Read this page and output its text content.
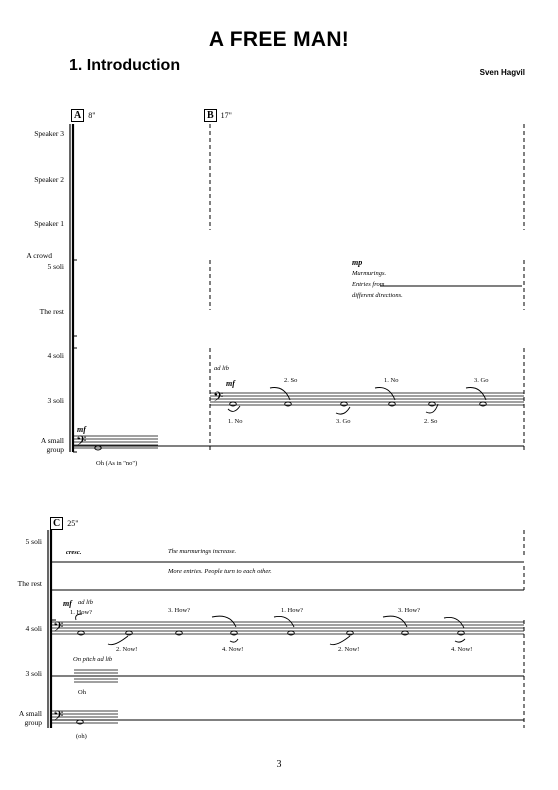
A FREE MAN!
1. Introduction	Sven Hagvil
𝄢
𝄢
𝄢
𝄢
A 8"	B 17"
Speaker 3
Speaker 2
Speaker 1
A crowd
5 soli
The rest
4 soli
3 soli
A small
group
mp
Murmurings.
Entries from
different directions.
ad lib
mf	2. So	1. No	3. Go
1. No	3. Go	2. So
mf
Oh (As in "no")
C 25"
5 soli
The rest
4 soli
3 soli
A small
group
cresc.	The murmurings increase.
More entries. People turn to each other.
mf ad lib
1. How?	3. How?	1. How?	3. How?
2. Now!	4. Now!	2. Now!	4. Now!
On pitch ad lib
Oh
(oh)
3
